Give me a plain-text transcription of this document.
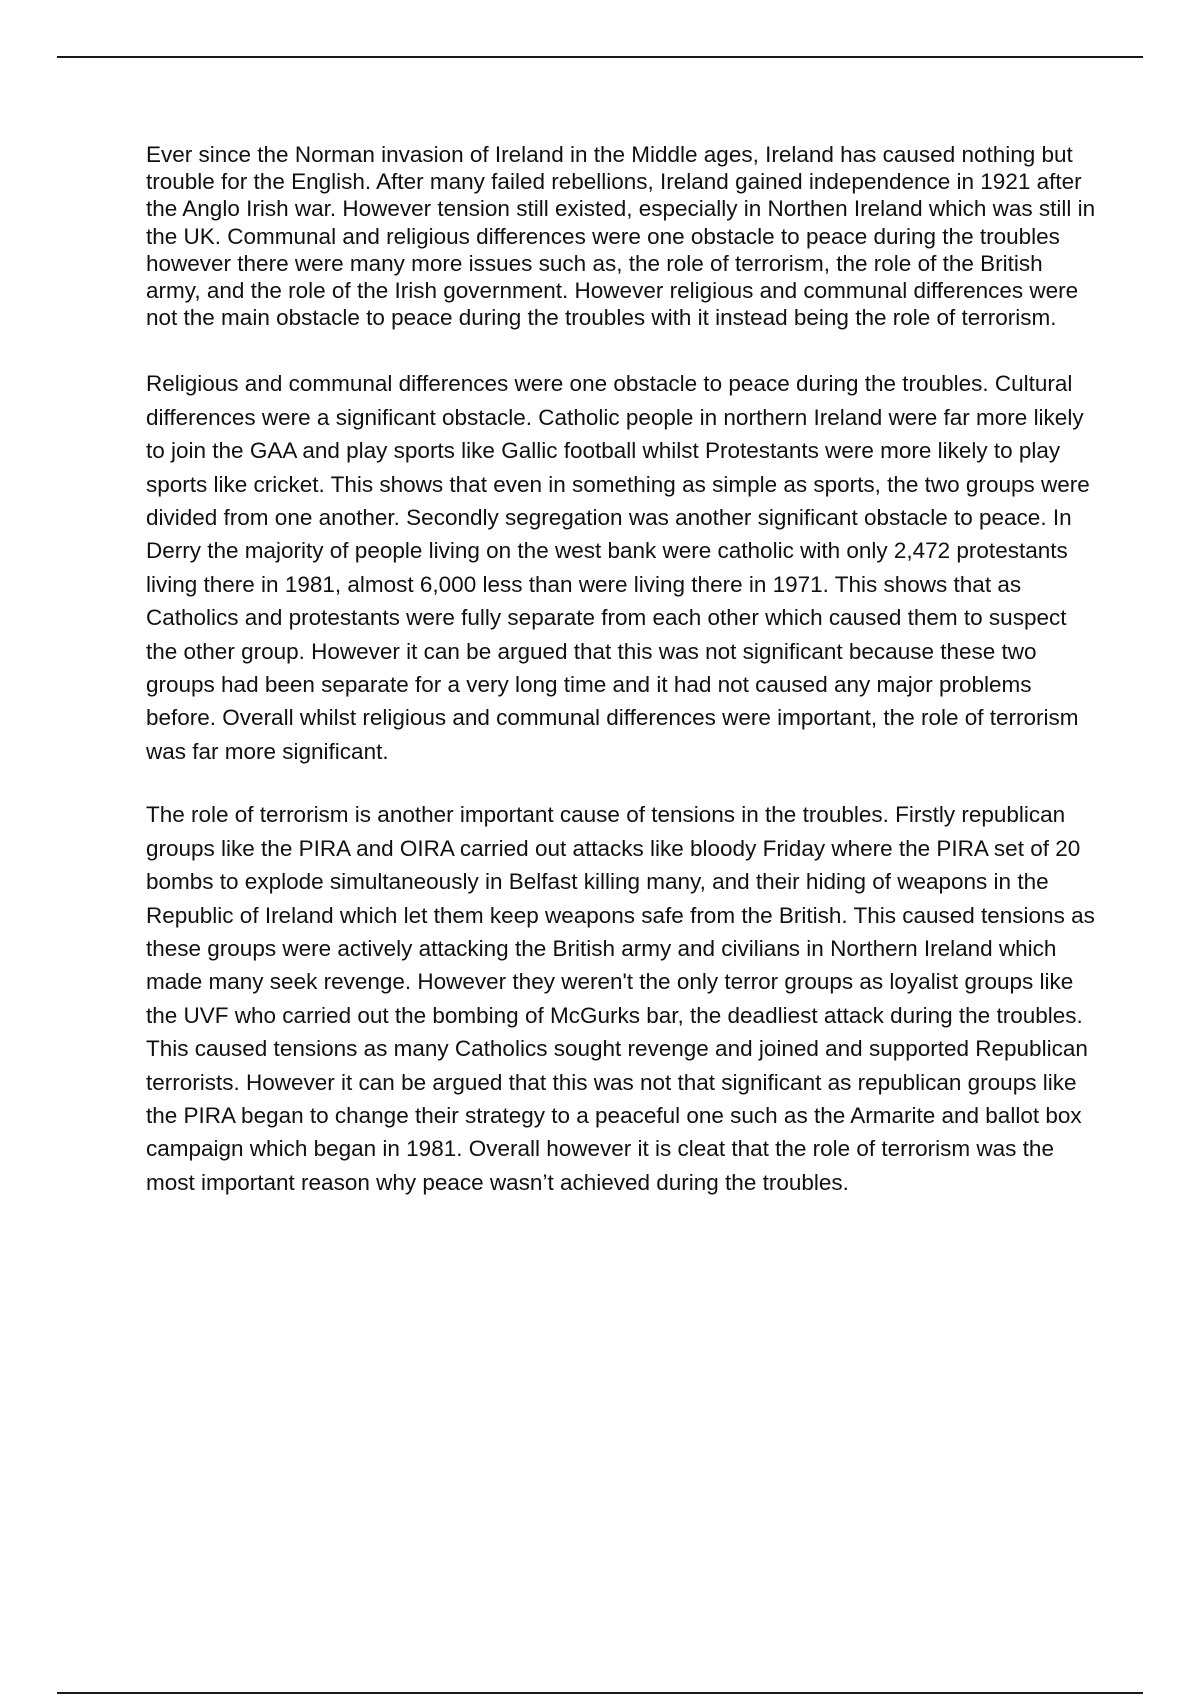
Ever since the Norman invasion of Ireland in the Middle ages, Ireland has caused nothing but trouble for the English. After many failed rebellions, Ireland gained independence in 1921 after the Anglo Irish war. However tension still existed, especially in Northen Ireland which was still in the UK. Communal and religious differences were one obstacle to peace during the troubles however there were many more issues such as, the role of terrorism, the role of the British army, and the role of the Irish government. However religious and communal differences were not the main obstacle to peace during the troubles with it instead being the role of terrorism.

Religious and communal differences were one obstacle to peace during the troubles. Cultural differences were a significant obstacle. Catholic people in northern Ireland were far more likely to join the GAA and play sports like Gallic football whilst Protestants were more likely to play sports like cricket. This shows that even in something as simple as sports, the two groups were divided from one another. Secondly segregation was another significant obstacle to peace. In Derry the majority of people living on the west bank were catholic with only 2,472 protestants living there in 1981, almost 6,000 less than were living there in 1971. This shows that as Catholics and protestants were fully separate from each other which caused them to suspect the other group. However it can be argued that this was not significant because these two groups had been separate for a very long time and it had not caused any major problems before. Overall whilst religious and communal differences were important, the role of terrorism was far more significant.

The role of terrorism is another important cause of tensions in the troubles. Firstly republican groups like the PIRA and OIRA carried out attacks like bloody Friday where the PIRA set of 20 bombs to explode simultaneously in Belfast killing many, and their hiding of weapons in the Republic of Ireland which let them keep weapons safe from the British. This caused tensions as these groups were actively attacking the British army and civilians in Northern Ireland which made many seek revenge. However they weren't the only terror groups as loyalist groups like the UVF who carried out the bombing of McGurks bar, the deadliest attack during the troubles. This caused tensions as many Catholics sought revenge and joined and supported Republican terrorists. However it can be argued that this was not that significant as republican groups like the PIRA began to change their strategy to a peaceful one such as the Armarite and ballot box campaign which began in 1981. Overall however it is cleat that the role of terrorism was the most important reason why peace wasn’t achieved during the troubles.
